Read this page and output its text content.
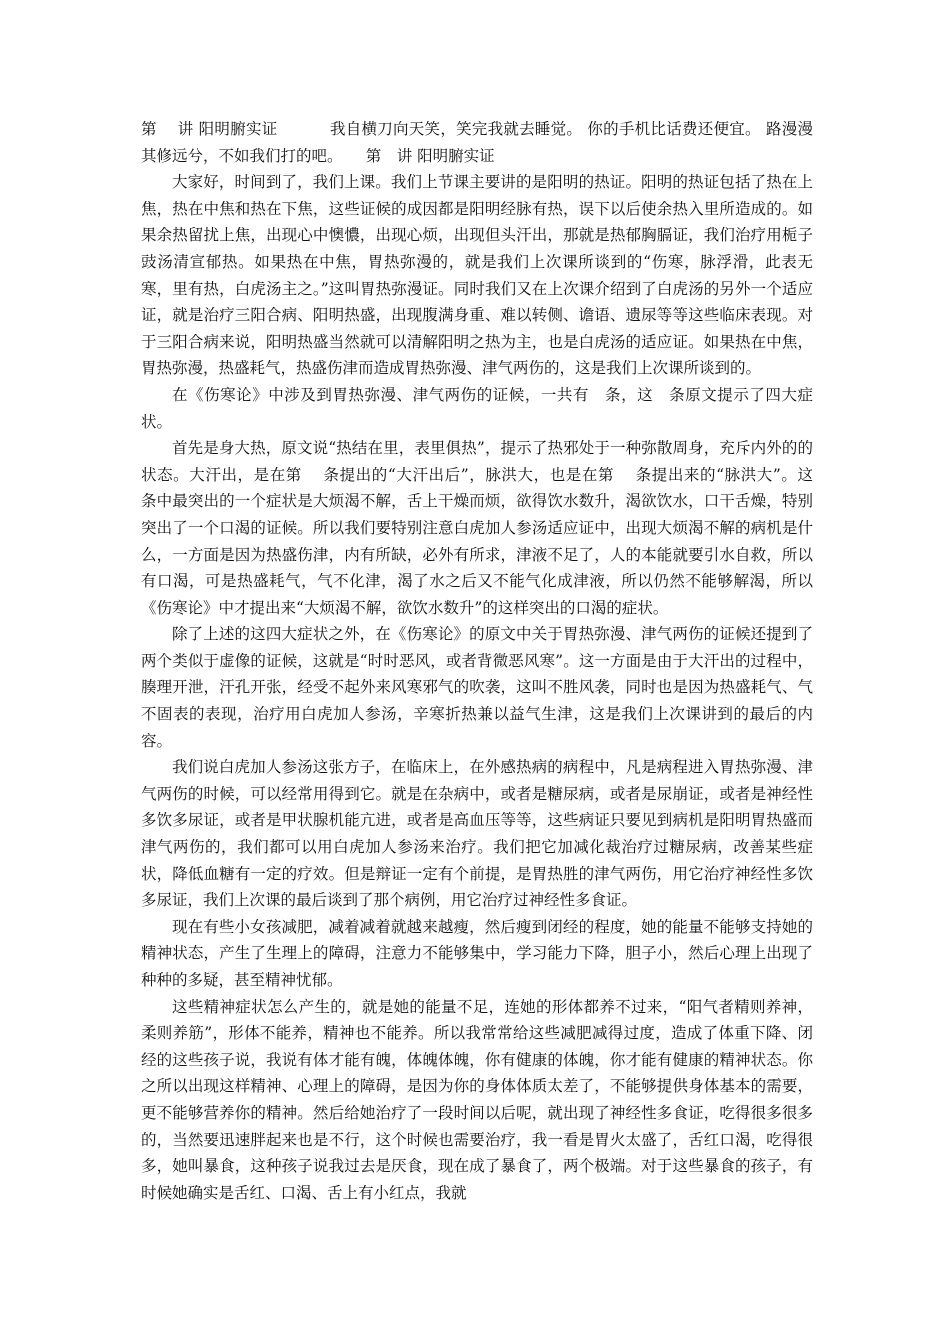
第　 讲 阳明腑实证　　　 我自横刀向天笑，笑完我就去睡觉。 你的手机比话费还便宜。 路漫漫其修远兮，不如我们打的吧。　　第　讲 阳明腑实证

大家好，时间到了，我们上课。我们上节课主要讲的是阳明的热证。阳明的热证包括了热在上焦，热在中焦和热在下焦，这些证候的成因都是阳明经脉有热，误下以后使余热入里所造成的。如果余热留扰上焦，出现心中懊憹，出现心烦，出现但头汗出，那就是热郁胸膈证，我们治疗用栀子豉汤清宣郁热。如果热在中焦，胃热弥漫的，就是我们上次课所谈到的“伤寒，脉浮滑，此表无寒，里有热，白虎汤主之。”这叫胃热弥漫证。同时我们又在上次课介绍到了白虎汤的另外一个适应证，就是治疗三阳合病、阳明热盛，出现腹满身重、难以转侧、谵语、遗尿等等这些临床表现。对于三阳合病来说，阳明热盛当然就可以清解阳明之热为主，也是白虎汤的适应证。如果热在中焦，胃热弥漫，热盛耗气，热盛伤津而造成胃热弥漫、津气两伤的，这是我们上次课所谈到的。

在《伤寒论》中涉及到胃热弥漫、津气两伤的证候，一共有　条，这　条原文提示了四大症状。

首先是身大热，原文说“热结在里，表里俱热”，提示了热邪处于一种弥散周身，充斥内外的的状态。大汗出，是在第　 条提出的“大汗出后”，脉洪大，也是在第　 条提出来的“脉洪大”。这　 条中最突出的一个症状是大烦渴不解，舌上干燥而烦，欲得饮水数升，渴欲饮水，口干舌燥，特别突出了一个口渴的证候。所以我们要特别注意白虎加人参汤适应证中，出现大烦渴不解的病机是什么，一方面是因为热盛伤津，内有所缺，必外有所求，津液不足了，人的本能就要引水自救，所以有口渴，可是热盛耗气，气不化津，渴了水之后又不能气化成津液，所以仍然不能够解渴，所以《伤寒论》中才提出来“大烦渴不解，欲饮水数升”的这样突出的口渴的症状。

除了上述的这四大症状之外，在《伤寒论》的原文中关于胃热弥漫、津气两伤的证候还提到了两个类似于虚像的证候，这就是“时时恶风，或者背微恶风寒”。这一方面是由于大汗出的过程中，腠理开泄，汗孔开张，经受不起外来风寒邪气的吹袭，这叫不胜风袭，同时也是因为热盛耗气、气不固表的表现，治疗用白虎加人参汤，辛寒折热兼以益气生津，这是我们上次课讲到的最后的内容。

我们说白虎加人参汤这张方子，在临床上，在外感热病的病程中，凡是病程进入胃热弥漫、津气两伤的时候，可以经常用得到它。就是在杂病中，或者是糖尿病，或者是尿崩证，或者是神经性多饮多尿证，或者是甲状腺机能亢进，或者是高血压等等，这些病证只要见到病机是阳明胃热盛而津气两伤的，我们都可以用白虎加人参汤来治疗。我们把它加减化裁治疗过糖尿病，改善某些症状，降低血糖有一定的疗效。但是辩证一定有个前提，是胃热胜的津气两伤，用它治疗神经性多饮多尿证，我们上次课的最后谈到了那个病例，用它治疗过神经性多食证。

现在有些小女孩减肥，减着减着就越来越瘦，然后瘦到闭经的程度，她的能量不能够支持她的精神状态，产生了生理上的障碍，注意力不能够集中，学习能力下降，胆子小，然后心理上出现了种种的多疑，甚至精神忧郁。

这些精神症状怎么产生的，就是她的能量不足，连她的形体都养不过来，“阳气者精则养神，柔则养筋”，形体不能养，精神也不能养。所以我常常给这些减肥减得过度，造成了体重下降、闭经的这些孩子说，我说有体才能有魄，体魄体魄，你有健康的体魄，你才能有健康的精神状态。你之所以出现这样精神、心理上的障碍，是因为你的身体体质太差了，不能够提供身体基本的需要，更不能够营养你的精神。然后给她治疗了一段时间以后呢，就出现了神经性多食证，吃得很多很多的，当然要迅速胖起来也是不行，这个时候也需要治疗，我一看是胃火太盛了，舌红口渴，吃得很多，她叫暴食，这种孩子说我过去是厌食，现在成了暴食了，两个极端。对于这些暴食的孩子，有时候她确实是舌红、口渴、舌上有小红点，我就
